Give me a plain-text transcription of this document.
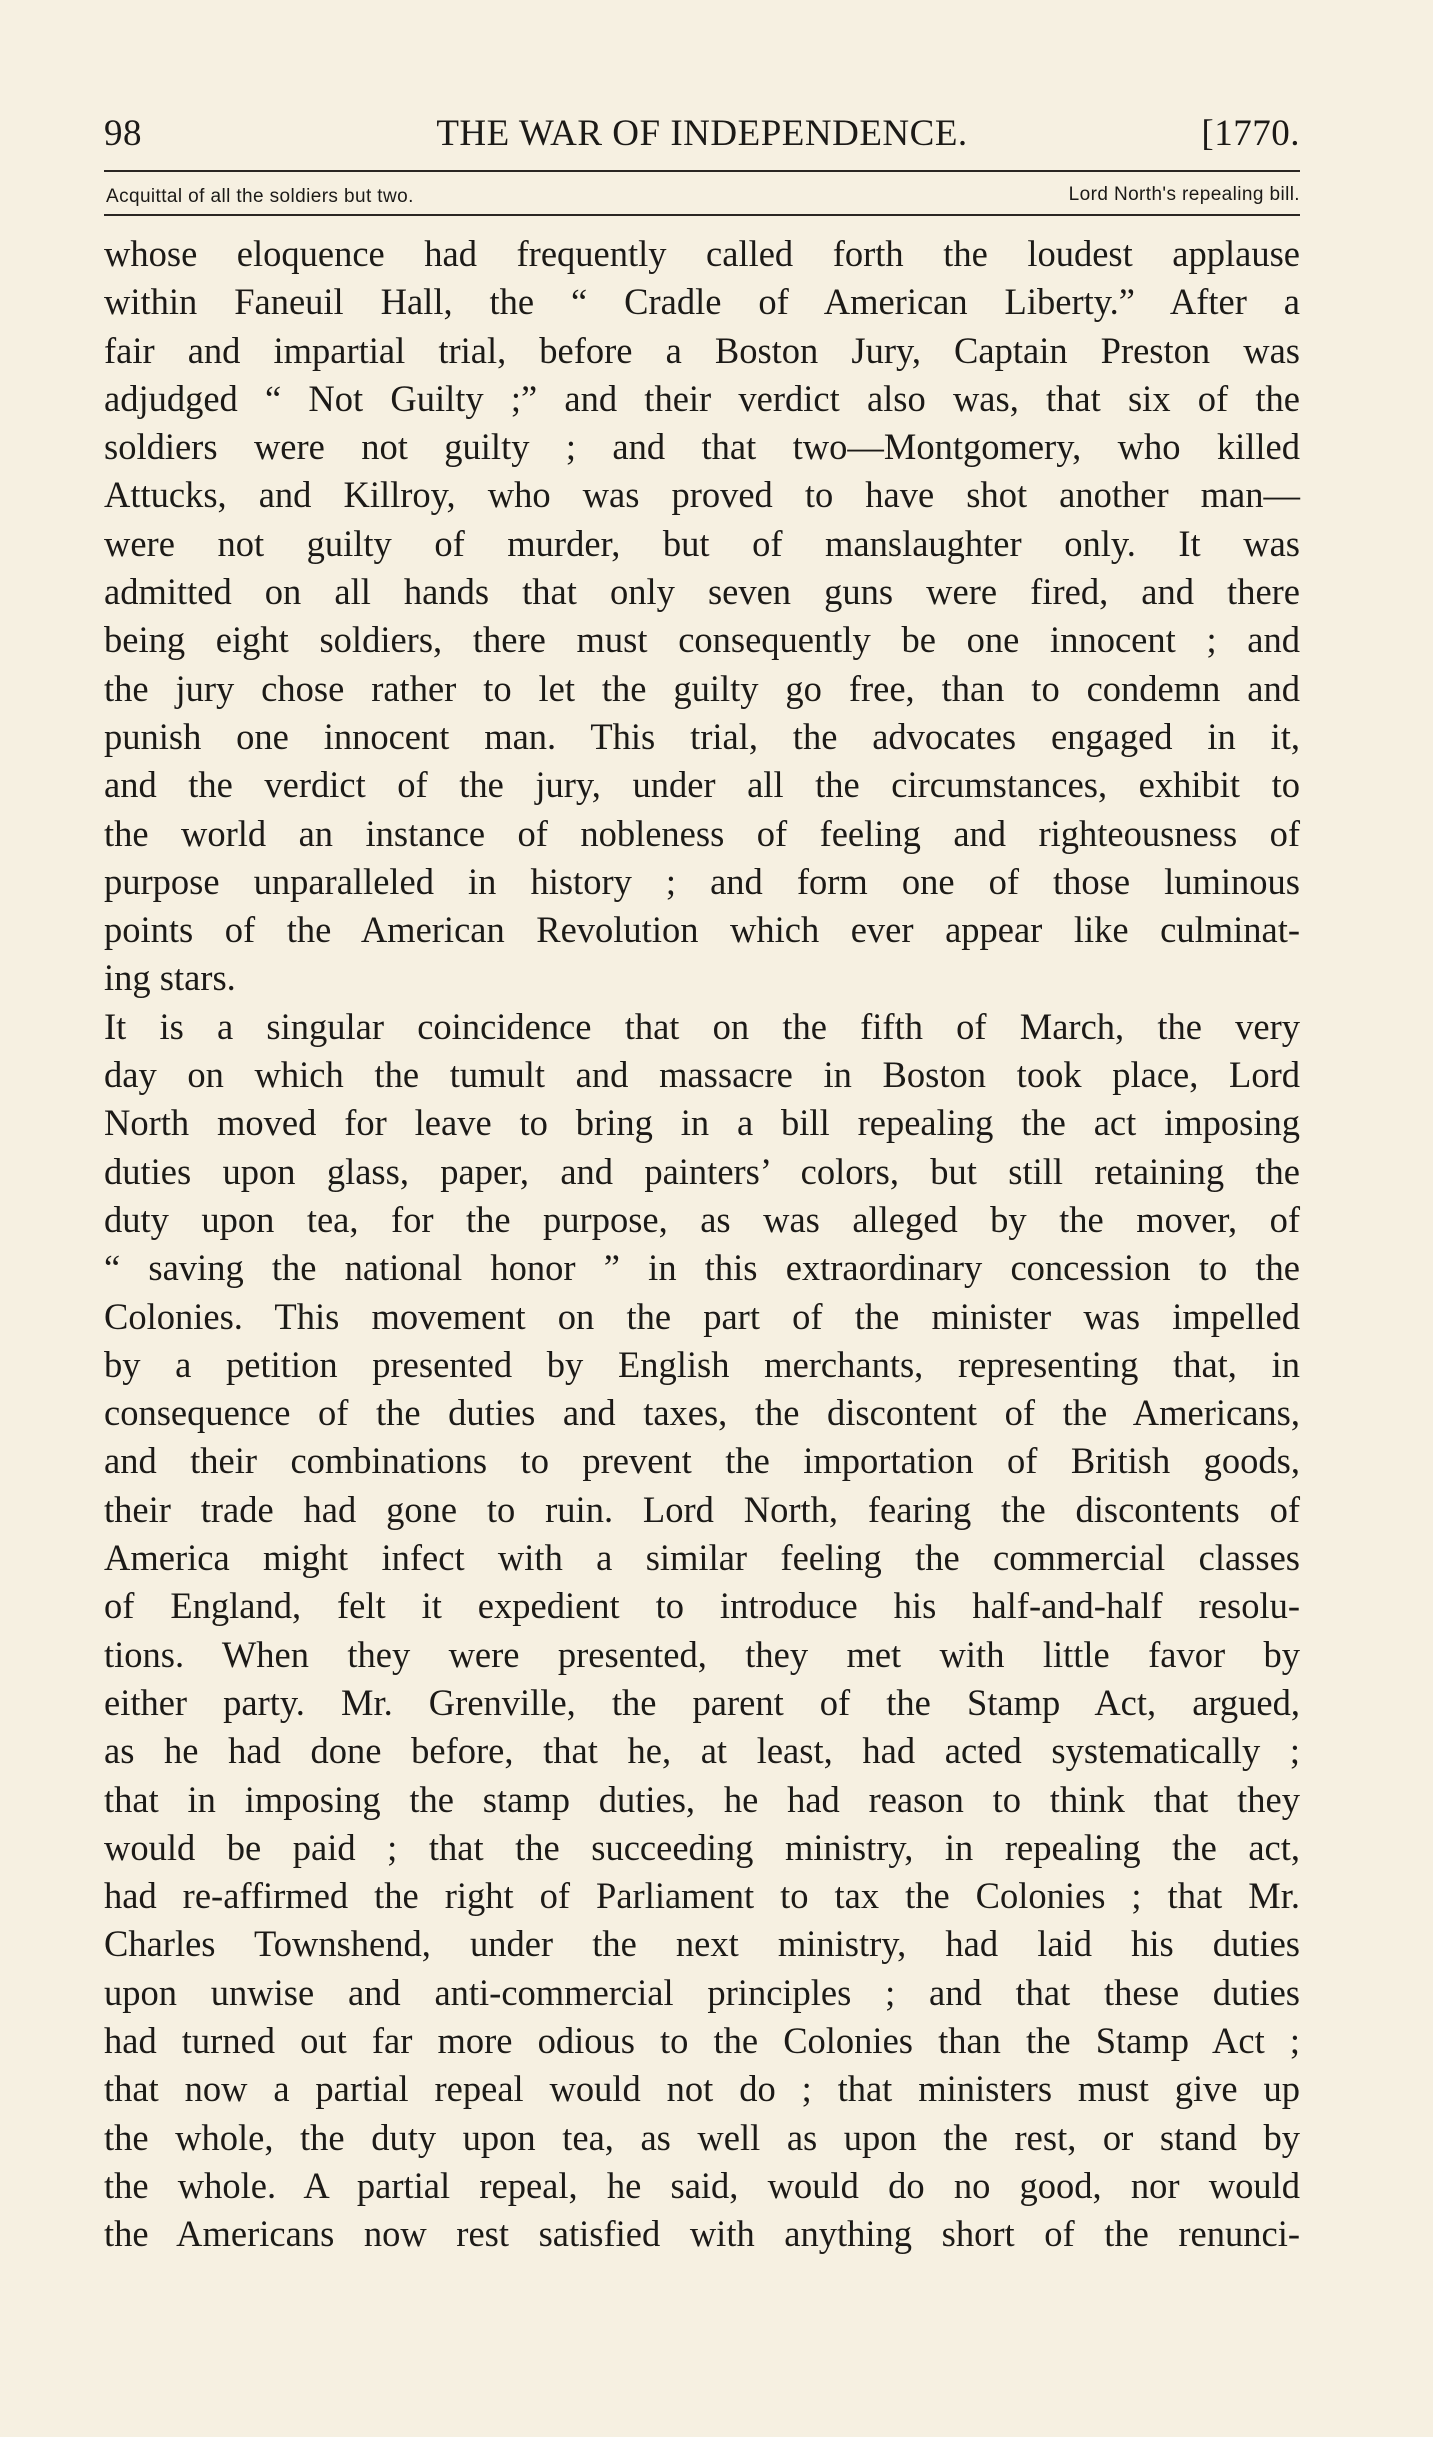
98	THE WAR OF INDEPENDENCE.	[1770.
Acquittal of all the soldiers but two.	Lord North's repealing bill.
whose eloquence had frequently called forth the loudest applause
within Faneuil Hall, the “ Cradle of American Liberty.” After a
fair and impartial trial, before a Boston Jury, Captain Preston was
adjudged “ Not Guilty ;” and their verdict also was, that six of the
soldiers were not guilty ; and that two—Montgomery, who killed
Attucks, and Killroy, who was proved to have shot another man—
were not guilty of murder, but of manslaughter only. It was
admitted on all hands that only seven guns were fired, and there
being eight soldiers, there must consequently be one innocent ; and
the jury chose rather to let the guilty go free, than to condemn and
punish one innocent man. This trial, the advocates engaged in it,
and the verdict of the jury, under all the circumstances, exhibit to
the world an instance of nobleness of feeling and righteousness of
purpose unparalleled in history ; and form one of those luminous
points of the American Revolution which ever appear like culminat-
ing stars.
It is a singular coincidence that on the fifth of March, the very
day on which the tumult and massacre in Boston took place, Lord
North moved for leave to bring in a bill repealing the act imposing
duties upon glass, paper, and painters’ colors, but still retaining the
duty upon tea, for the purpose, as was alleged by the mover, of
“ saving the national honor ” in this extraordinary concession to the
Colonies. This movement on the part of the minister was impelled
by a petition presented by English merchants, representing that, in
consequence of the duties and taxes, the discontent of the Americans,
and their combinations to prevent the importation of British goods,
their trade had gone to ruin. Lord North, fearing the discontents of
America might infect with a similar feeling the commercial classes
of England, felt it expedient to introduce his half-and-half resolu-
tions. When they were presented, they met with little favor by
either party. Mr. Grenville, the parent of the Stamp Act, argued,
as he had done before, that he, at least, had acted systematically ;
that in imposing the stamp duties, he had reason to think that they
would be paid ; that the succeeding ministry, in repealing the act,
had re-affirmed the right of Parliament to tax the Colonies ; that Mr.
Charles Townshend, under the next ministry, had laid his duties
upon unwise and anti-commercial principles ; and that these duties
had turned out far more odious to the Colonies than the Stamp Act ;
that now a partial repeal would not do ; that ministers must give up
the whole, the duty upon tea, as well as upon the rest, or stand by
the whole. A partial repeal, he said, would do no good, nor would
the Americans now rest satisfied with anything short of the renunci-
